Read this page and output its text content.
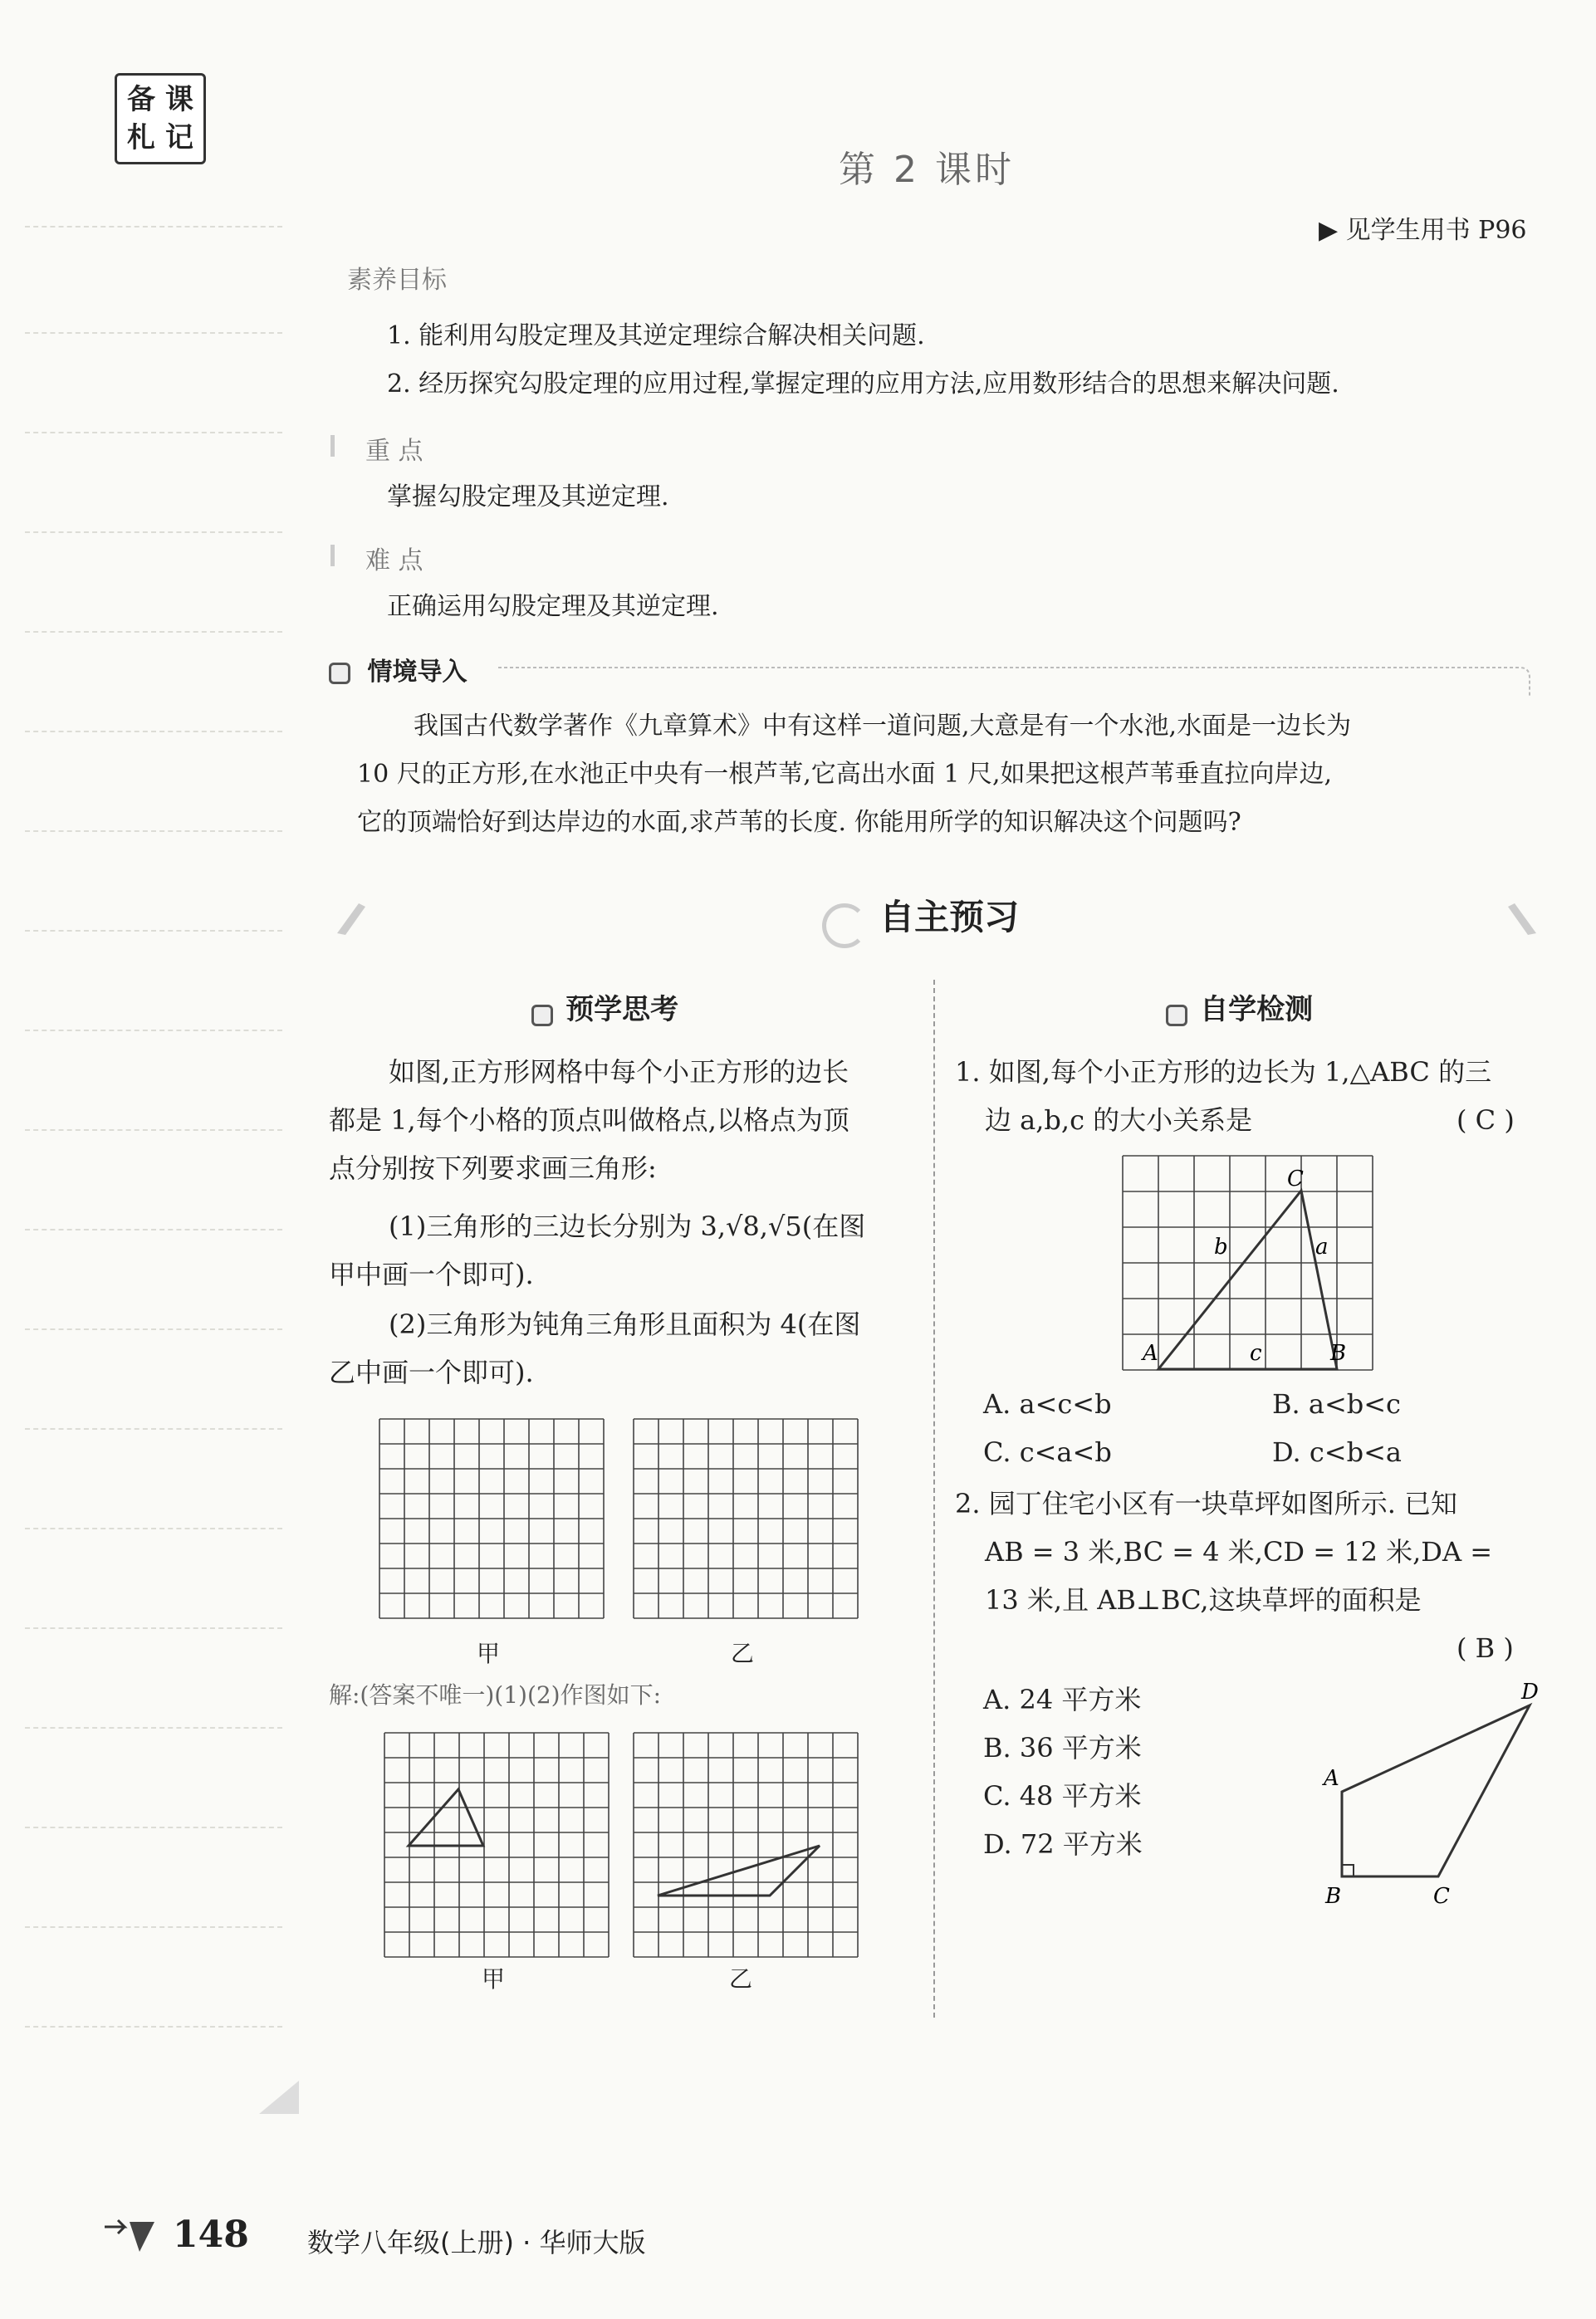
备 课
札 记
第 2 课时
▶ 见学生用书 P96
素养目标
1. 能利用勾股定理及其逆定理综合解决相关问题.
2. 经历探究勾股定理的应用过程,掌握定理的应用方法,应用数形结合的思想来解决问题.
重 点
掌握勾股定理及其逆定理.
难 点
正确运用勾股定理及其逆定理.
情境导入
我国古代数学著作《九章算术》中有这样一道问题,大意是有一个水池,水面是一边长为
10 尺的正方形,在水池正中央有一根芦苇,它高出水面 1 尺,如果把这根芦苇垂直拉向岸边,
它的顶端恰好到达岸边的水面,求芦苇的长度. 你能用所学的知识解决这个问题吗?
自主预习
预学思考
如图,正方形网格中每个小正方形的边长
都是 1,每个小格的顶点叫做格点,以格点为顶
点分别按下列要求画三角形:
(1)三角形的三边长分别为 3,√8,√5(在图
甲中画一个即可).
(2)三角形为钝角三角形且面积为 4(在图
乙中画一个即可).
甲	乙
解:(答案不唯一)(1)(2)作图如下:
甲	乙
自学检测
1. 如图,每个小正方形的边长为 1,△ABC 的三
边 a,b,c 的大小关系是	( C )
A	B
C
a
b
c
A. a<c<b	B. a<b<c
C. c<a<b	D. c<b<a
2. 园丁住宅小区有一块草坪如图所示. 已知
AB = 3 米,BC = 4 米,CD = 12 米,DA =
13 米,且 AB⊥BC,这块草坪的面积是
( B )
A. 24 平方米
B. 36 平方米
C. 48 平方米
D. 72 平方米
A
B	C
D
148 数学八年级(上册) · 华师大版
